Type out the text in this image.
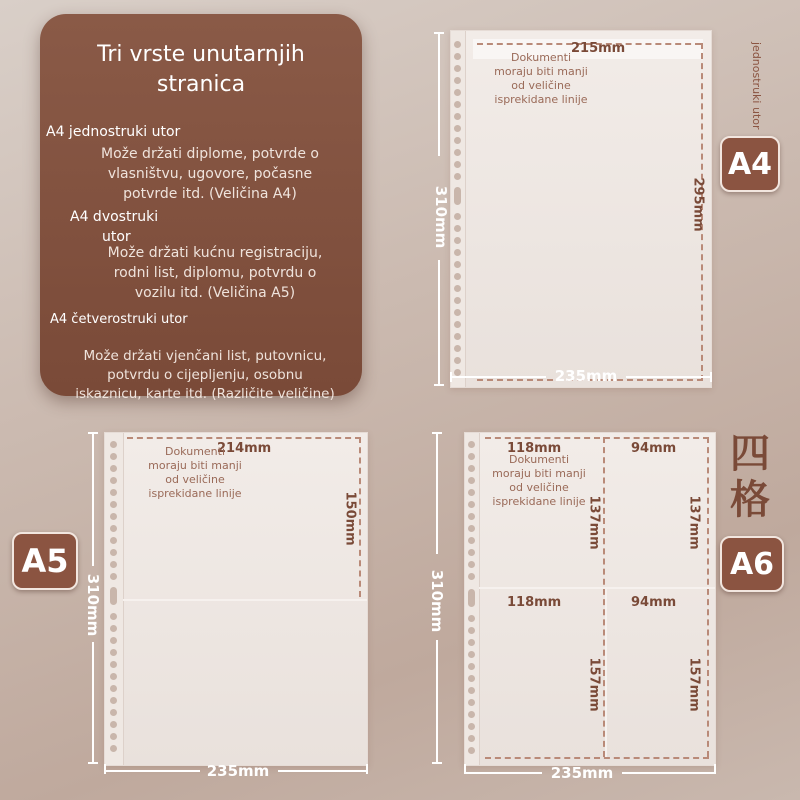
Tri vrste unutarnjih
stranica
A4 jednostruki utor
Može držati diplome, potvrde o
vlasništvu, ugovore, počasne
potvrde itd. (Veličina A4)
A4 dvostruki
utor
Može držati kućnu registraciju,
rodni list, diplomu, potvrdu o
vozilu itd. (Veličina A5)
A4 četverostruki utor
Može držati vjenčani list, putovnicu,
potvrdu o cijepljenju, osobnu
iskaznicu, karte itd. (Različite veličine)
310mm
215mm
295mm
Dokumenti
moraju biti manji
od veličine
isprekidane linije
235mm
jednostruki utor
A4
A5
310mm
214mm
150mm
Dokumenti
moraju biti manji
od veličine
isprekidane linije
235mm
310mm
118mm	94mm
137mm	137mm
118mm	94mm
157mm	157mm
Dokumenti
moraju biti manji
od veličine
isprekidane linije
235mm
四
格
A6
